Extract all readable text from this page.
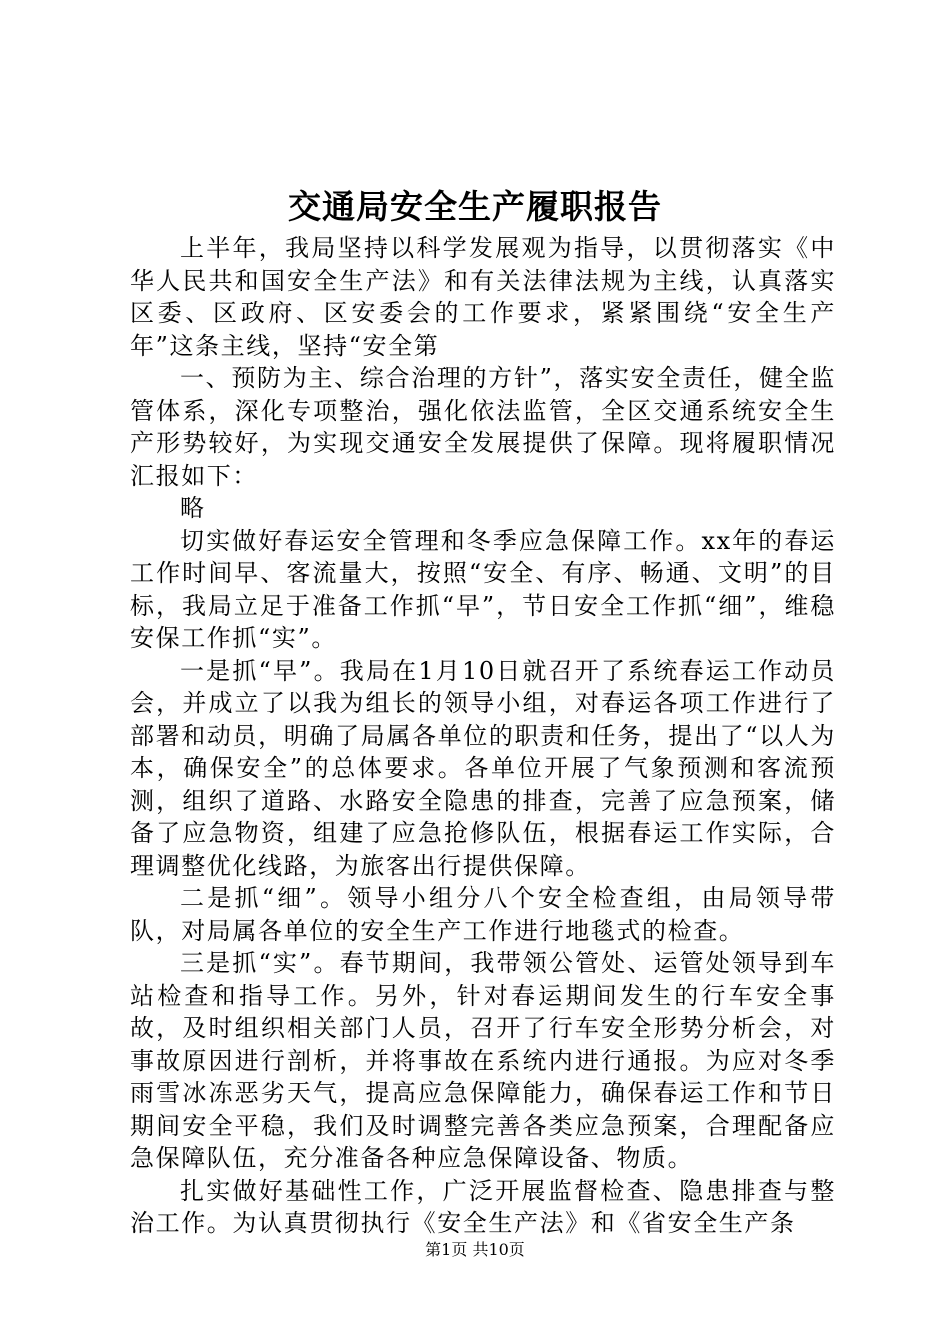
交通局安全生产履职报告

上半年，我局坚持以科学发展观为指导，以贯彻落实《中华人民共和国安全生产法》和有关法律法规为主线，认真落实区委、区政府、区安委会的工作要求，紧紧围绕“安全生产年”这条主线，坚持“安全第

一、预防为主、综合治理的方针”，落实安全责任，健全监管体系，深化专项整治，强化依法监管，全区交通系统安全生产形势较好，为实现交通安全发展提供了保障。现将履职情况汇报如下：

略

切实做好春运安全管理和冬季应急保障工作。xx年的春运工作时间早、客流量大，按照“安全、有序、畅通、文明”的目标，我局立足于准备工作抓“早”，节日安全工作抓“细”，维稳安保工作抓“实”。

一是抓“早”。我局在1月10日就召开了系统春运工作动员会，并成立了以我为组长的领导小组，对春运各项工作进行了部署和动员，明确了局属各单位的职责和任务，提出了“以人为本，确保安全”的总体要求。各单位开展了气象预测和客流预测，组织了道路、水路安全隐患的排查，完善了应急预案，储备了应急物资，组建了应急抢修队伍，根据春运工作实际，合理调整优化线路，为旅客出行提供保障。

二是抓“细”。领导小组分八个安全检查组，由局领导带队，对局属各单位的安全生产工作进行地毯式的检查。

三是抓“实”。春节期间，我带领公管处、运管处领导到车站检查和指导工作。另外，针对春运期间发生的行车安全事故，及时组织相关部门人员，召开了行车安全形势分析会，对事故原因进行剖析，并将事故在系统内进行通报。为应对冬季雨雪冰冻恶劣天气，提高应急保障能力，确保春运工作和节日期间安全平稳，我们及时调整完善各类应急预案，合理配备应急保障队伍，充分准备各种应急保障设备、物质。

扎实做好基础性工作，广泛开展监督检查、隐患排查与整治工作。为认真贯彻执行《安全生产法》和《省安全生产条

第1页 共10页
